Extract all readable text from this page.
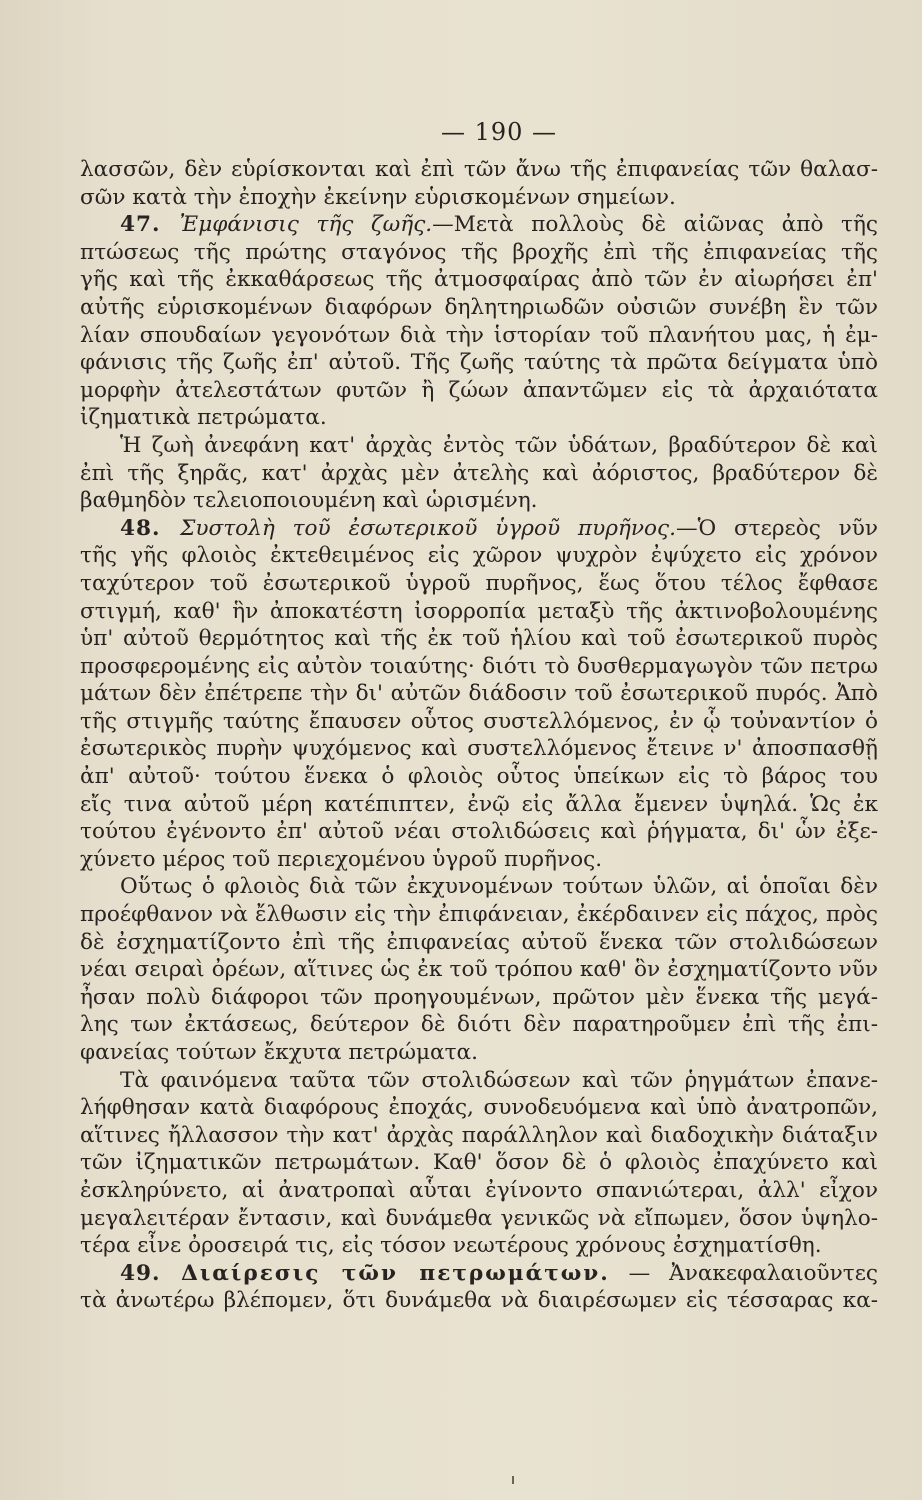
— 190 —
λασσῶν, δὲν εὑρίσκονται καὶ ἐπὶ τῶν ἄνω τῆς ἐπιφανείας τῶν θαλασ-
σῶν κατὰ τὴν ἐποχὴν ἐκείνην εὑρισκομένων σημείων.
47. Ἐμφάνισις τῆς ζωῆς.—Μετὰ πολλοὺς δὲ αἰῶνας ἀπὸ τῆς
πτώσεως τῆς πρώτης σταγόνος τῆς βροχῆς ἐπὶ τῆς ἐπιφανείας τῆς
γῆς καὶ τῆς ἐκκαθάρσεως τῆς ἀτμοσφαίρας ἀπὸ τῶν ἐν αἰωρήσει ἐπ'
αὐτῆς εὑρισκομένων διαφόρων δηλητηριωδῶν οὐσιῶν συνέβη ἓν τῶν
λίαν σπουδαίων γεγονότων διὰ τὴν ἱστορίαν τοῦ πλανήτου μας, ἡ ἐμ-
φάνισις τῆς ζωῆς ἐπ' αὐτοῦ. Τῆς ζωῆς ταύτης τὰ πρῶτα δείγματα ὑπὸ
μορφὴν ἀτελεστάτων φυτῶν ἢ ζώων ἀπαντῶμεν εἰς τὰ ἀρχαιότατα
ἰζηματικὰ πετρώματα.
Ἡ ζωὴ ἀνεφάνη κατ' ἀρχὰς ἐντὸς τῶν ὑδάτων, βραδύτερον δὲ καὶ
ἐπὶ τῆς ξηρᾶς, κατ' ἀρχὰς μὲν ἀτελὴς καὶ ἀόριστος, βραδύτερον δὲ
βαθμηδὸν τελειοποιουμένη καὶ ὡρισμένη.
48. Συστολὴ τοῦ ἐσωτερικοῦ ὑγροῦ πυρῆνος.—Ὁ στερεὸς νῦν
τῆς γῆς φλοιὸς ἐκτεθειμένος εἰς χῶρον ψυχρὸν ἐψύχετο εἰς χρόνον
ταχύτερον τοῦ ἐσωτερικοῦ ὑγροῦ πυρῆνος, ἕως ὅτου τέλος ἔφθασε
στιγμή, καθ' ἣν ἀποκατέστη ἰσορροπία μεταξὺ τῆς ἀκτινοβολουμένης
ὑπ' αὐτοῦ θερμότητος καὶ τῆς ἐκ τοῦ ἡλίου καὶ τοῦ ἐσωτερικοῦ πυρὸς
προσφερομένης εἰς αὐτὸν τοιαύτης· διότι τὸ δυσθερμαγωγὸν τῶν πετρω
μάτων δὲν ἐπέτρεπε τὴν δι' αὐτῶν διάδοσιν τοῦ ἐσωτερικοῦ πυρός. Ἀπὸ
τῆς στιγμῆς ταύτης ἔπαυσεν οὗτος συστελλόμενος, ἐν ᾧ τοὐναντίον ὁ
ἐσωτερικὸς πυρὴν ψυχόμενος καὶ συστελλόμενος ἔτεινε ν' ἀποσπασθῇ
ἀπ' αὐτοῦ· τούτου ἕνεκα ὁ φλοιὸς οὗτος ὑπείκων εἰς τὸ βάρος του
εἴς τινα αὐτοῦ μέρη κατέπιπτεν, ἐνῷ εἰς ἄλλα ἔμενεν ὑψηλά. Ὡς ἐκ
τούτου ἐγένοντο ἐπ' αὐτοῦ νέαι στολιδώσεις καὶ ῥήγματα, δι' ὧν ἐξε-
χύνετο μέρος τοῦ περιεχομένου ὑγροῦ πυρῆνος.
Οὕτως ὁ φλοιὸς διὰ τῶν ἐκχυνομένων τούτων ὑλῶν, αἱ ὁποῖαι δὲν
προέφθανον νὰ ἔλθωσιν εἰς τὴν ἐπιφάνειαν, ἐκέρδαινεν εἰς πάχος, πρὸς
δὲ ἐσχηματίζοντο ἐπὶ τῆς ἐπιφανείας αὐτοῦ ἕνεκα τῶν στολιδώσεων
νέαι σειραὶ ὀρέων, αἵτινες ὡς ἐκ τοῦ τρόπου καθ' ὃν ἐσχηματίζοντο νῦν
ἦσαν πολὺ διάφοροι τῶν προηγουμένων, πρῶτον μὲν ἕνεκα τῆς μεγά-
λης των ἐκτάσεως, δεύτερον δὲ διότι δὲν παρατηροῦμεν ἐπὶ τῆς ἐπι-
φανείας τούτων ἔκχυτα πετρώματα.
Τὰ φαινόμενα ταῦτα τῶν στολιδώσεων καὶ τῶν ῥηγμάτων ἐπανε-
λήφθησαν κατὰ διαφόρους ἐποχάς, συνοδευόμενα καὶ ὑπὸ ἀνατροπῶν,
αἵτινες ἤλλασσον τὴν κατ' ἀρχὰς παράλληλον καὶ διαδοχικὴν διάταξιν
τῶν ἰζηματικῶν πετρωμάτων. Καθ' ὅσον δὲ ὁ φλοιὸς ἐπαχύνετο καὶ
ἐσκληρύνετο, αἱ ἀνατροπαὶ αὗται ἐγίνοντο σπανιώτεραι, ἀλλ' εἶχον
μεγαλειτέραν ἔντασιν, καὶ δυνάμεθα γενικῶς νὰ εἴπωμεν, ὅσον ὑψηλο-
τέρα εἶνε ὀροσειρά τις, εἰς τόσον νεωτέρους χρόνους ἐσχηματίσθη.
49. Διαίρεσις τῶν πετρωμάτων. — Ἀνακεφαλαιοῦντες
τὰ ἀνωτέρω βλέπομεν, ὅτι δυνάμεθα νὰ διαιρέσωμεν εἰς τέσσαρας κα-
